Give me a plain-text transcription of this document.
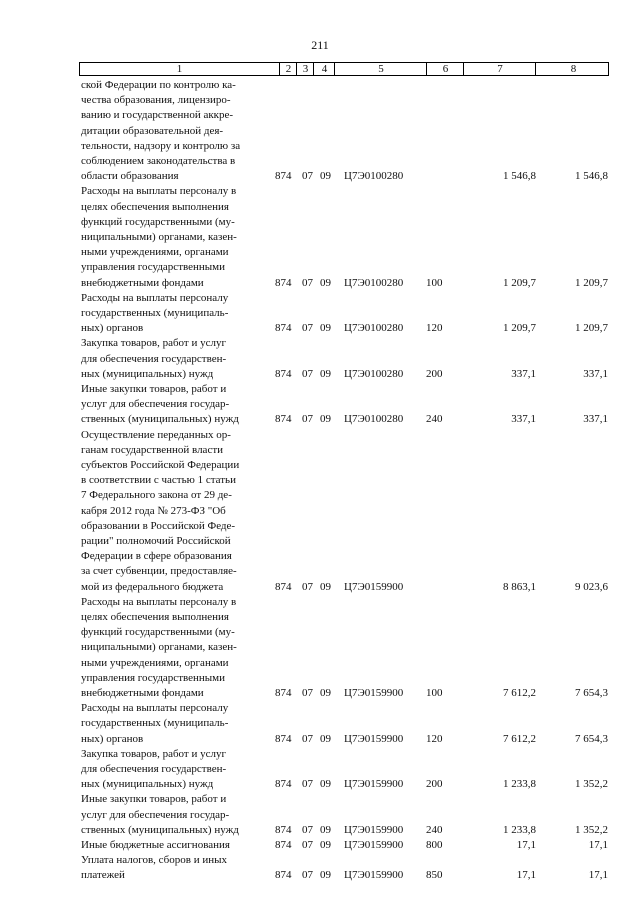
211
1	2	3	4	5	6	7	8
ской Федерации по контролю ка-
чества образования, лицензиро-
ванию и государственной аккре-
дитации образовательной дея-
тельности, надзору и контролю за
соблюдением законодательства в
области образования	874 07 09 Ц7Э0100280	1 546,8	1 546,8
Расходы на выплаты персоналу в
целях обеспечения выполнения
функций государственными (му-
ниципальными) органами, казен-
ными учреждениями, органами
управления государственными
внебюджетными фондами	874 07 09 Ц7Э0100280 100	1 209,7	1 209,7
Расходы на выплаты персоналу
государственных (муниципаль-
ных) органов	874 07 09 Ц7Э0100280 120	1 209,7	1 209,7
Закупка товаров, работ и услуг
для обеспечения государствен-
ных (муниципальных) нужд	874 07 09 Ц7Э0100280 200	337,1	337,1
Иные закупки товаров, работ и
услуг для обеспечения государ-
ственных (муниципальных) нужд	874 07 09 Ц7Э0100280 240	337,1	337,1
Осуществление переданных ор-
ганам государственной власти
субъектов Российской Федерации
в соответствии с частью 1 статьи
7 Федерального закона от 29 де-
кабря 2012 года № 273-ФЗ "Об
образовании в Российской Феде-
рации" полномочий Российской
Федерации в сфере образования
за счет субвенции, предоставляе-
мой из федерального бюджета	874 07 09 Ц7Э0159900	8 863,1	9 023,6
Расходы на выплаты персоналу в
целях обеспечения выполнения
функций государственными (му-
ниципальными) органами, казен-
ными учреждениями, органами
управления государственными
внебюджетными фондами	874 07 09 Ц7Э0159900 100	7 612,2	7 654,3
Расходы на выплаты персоналу
государственных (муниципаль-
ных) органов	874 07 09 Ц7Э0159900 120	7 612,2	7 654,3
Закупка товаров, работ и услуг
для обеспечения государствен-
ных (муниципальных) нужд	874 07 09 Ц7Э0159900 200	1 233,8	1 352,2
Иные закупки товаров, работ и
услуг для обеспечения государ-
ственных (муниципальных) нужд	874 07 09 Ц7Э0159900 240	1 233,8	1 352,2
Иные бюджетные ассигнования	874 07 09 Ц7Э0159900 800	17,1	17,1
Уплата налогов, сборов и иных
платежей	874 07 09 Ц7Э0159900 850	17,1	17,1
